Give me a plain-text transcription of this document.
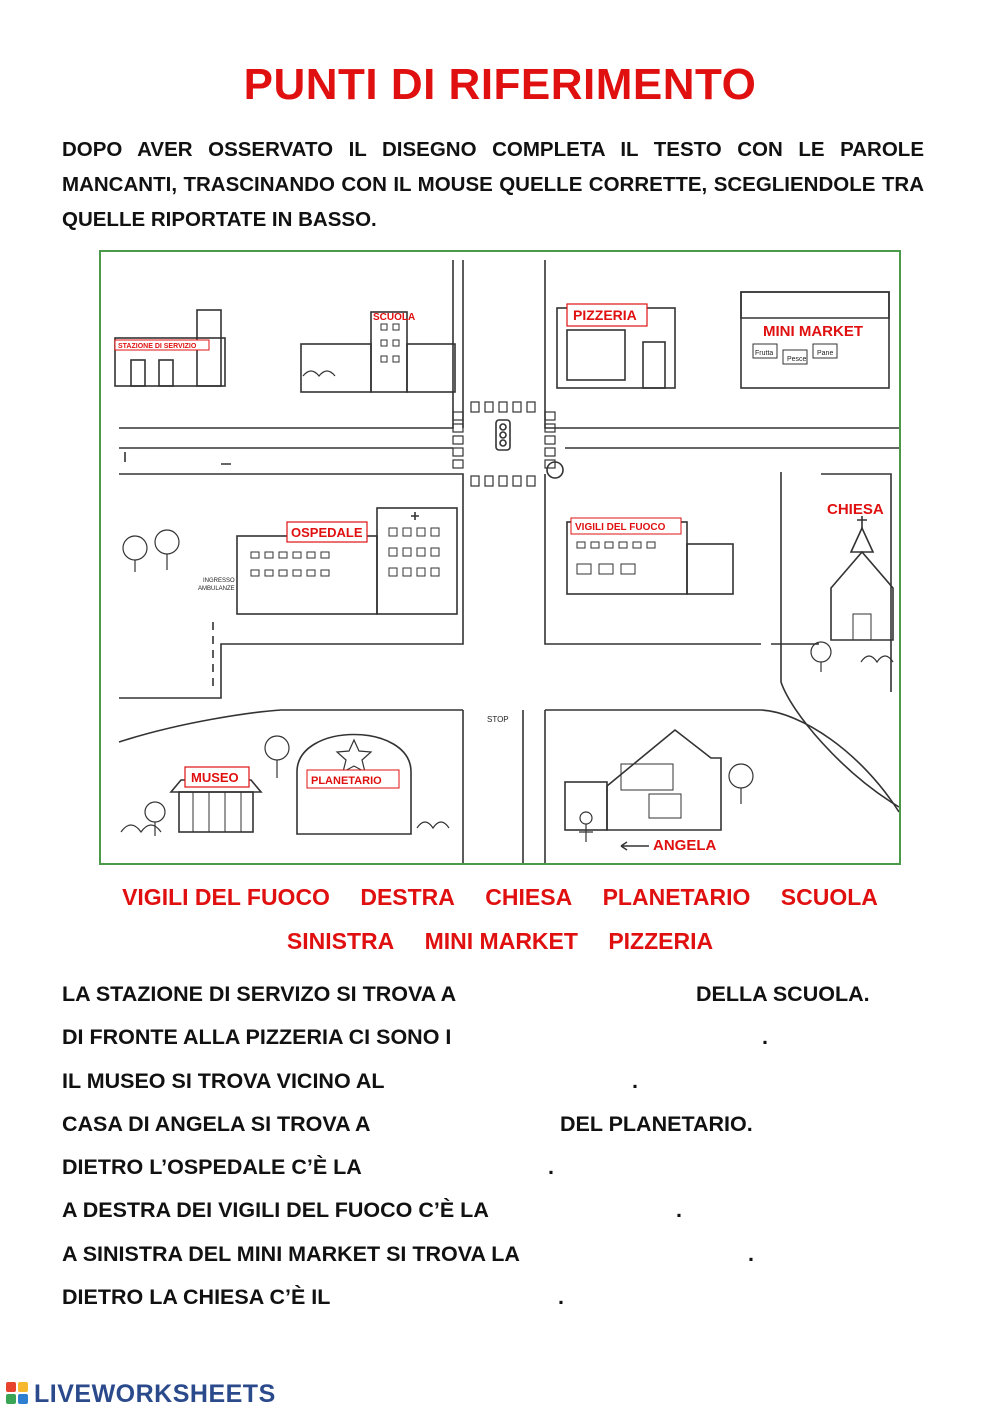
PUNTI DI RIFERIMENTO
DOPO AVER OSSERVATO IL DISEGNO COMPLETA IL TESTO CON LE PAROLE MANCANTI, TRASCINANDO CON IL MOUSE QUELLE CORRETTE, SCEGLIENDOLE TRA QUELLE RIPORTATE IN BASSO.
STAZIONE DI SERVIZIO
SCUOLA	PIZZERIA
MINI MARKET
Frutta
Pesce
Pane
OSPEDALE
INGRESSO
AMBULANZE
VIGILI DEL FUOCO
CHIESA
MUSEO	PLANETARIO
ANGELA
STOP
VIGILI DEL FUOCO DESTRA CHIESA PLANETARIO SCUOLA
SINISTRA MINI MARKET PIZZERIA
LA STAZIONE DI SERVIZO SI TROVA A	DELLA SCUOLA.
DI FRONTE ALLA PIZZERIA CI SONO I	.
IL MUSEO SI TROVA VICINO AL	.
CASA DI ANGELA SI TROVA A	DEL PLANETARIO.
DIETRO L’OSPEDALE C’È LA	.
A DESTRA DEI VIGILI DEL FUOCO C’È LA	.
A SINISTRA DEL MINI MARKET SI TROVA LA	.
DIETRO LA CHIESA C’È IL	.
LIVEWORKSHEETS
